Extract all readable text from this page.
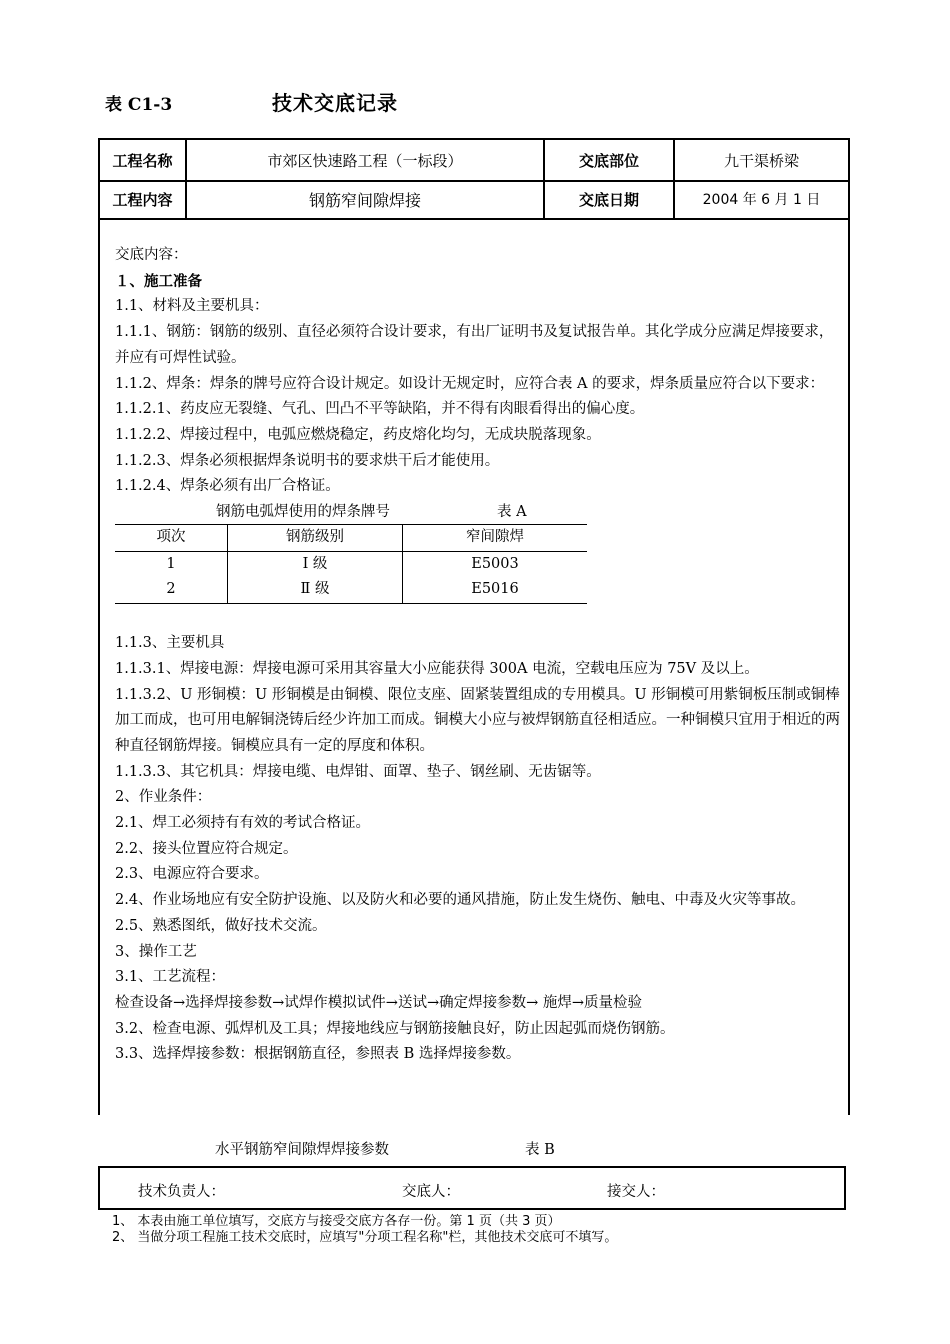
表 C1-3	技术交底记录
工程名称	市郊区快速路工程（一标段）	交底部位	九干渠桥梁
工程内容	钢筋窄间隙焊接	交底日期	2004 年 6 月 1 日

交底内容：

１、施工准备

1.1、材料及主要机具：

1.1.1、钢筋：钢筋的级别、直径必须符合设计要求，有出厂证明书及复试报告单。其化学成分应满足焊接要求，并应有可焊性试验。

1.1.2、焊条：焊条的牌号应符合设计规定。如设计无规定时，应符合表 A 的要求，焊条质量应符合以下要求：

1.1.2.1、药皮应无裂缝、气孔、凹凸不平等缺陷，并不得有肉眼看得出的偏心度。

1.1.2.2、焊接过程中，电弧应燃烧稳定，药皮熔化均匀，无成块脱落现象。

1.1.2.3、焊条必须根据焊条说明书的要求烘干后才能使用。

1.1.2.4、焊条必须有出厂合格证。

钢筋电弧焊使用的焊条牌号	表 A
项次	钢筋级别	窄间隙焊
1	Ⅰ 级	E5003
2	Ⅱ 级	E5016

1.1.3、主要机具

1.1.3.1、焊接电源：焊接电源可采用其容量大小应能获得 300A 电流，空载电压应为 75V 及以上。

1.1.3.2、U 形铜模：U 形铜模是由铜模、限位支座、固紧装置组成的专用模具。U 形铜模可用紫铜板压制或铜棒加工而成，也可用电解铜浇铸后经少许加工而成。铜模大小应与被焊钢筋直径相适应。一种铜模只宜用于相近的两种直径钢筋焊接。铜模应具有一定的厚度和体积。

1.1.3.3、其它机具：焊接电缆、电焊钳、面罩、垫子、钢丝刷、无齿锯等。

2、作业条件：

2.1、焊工必须持有有效的考试合格证。

2.2、接头位置应符合规定。

2.3、电源应符合要求。

2.4、作业场地应有安全防护设施、以及防火和必要的通风措施，防止发生烧伤、触电、中毒及火灾等事故。

2.5、熟悉图纸，做好技术交流。

3、操作工艺

3.1、工艺流程：

检查设备→选择焊接参数→试焊作模拟试件→送试→确定焊接参数→ 施焊→质量检验

3.2、检查电源、弧焊机及工具；焊接地线应与钢筋接触良好，防止因起弧而烧伤钢筋。

3.3、选择焊接参数：根据钢筋直径，参照表 B 选择焊接参数。

水平钢筋窄间隙焊焊接参数	表 B
技术负责人：	交底人：	接交人：

1、 本表由施工单位填写，交底方与接受交底方各存一份。第 1 页（共 3 页）

2、 当做分项工程施工技术交底时，应填写"分项工程名称"栏，其他技术交底可不填写。
